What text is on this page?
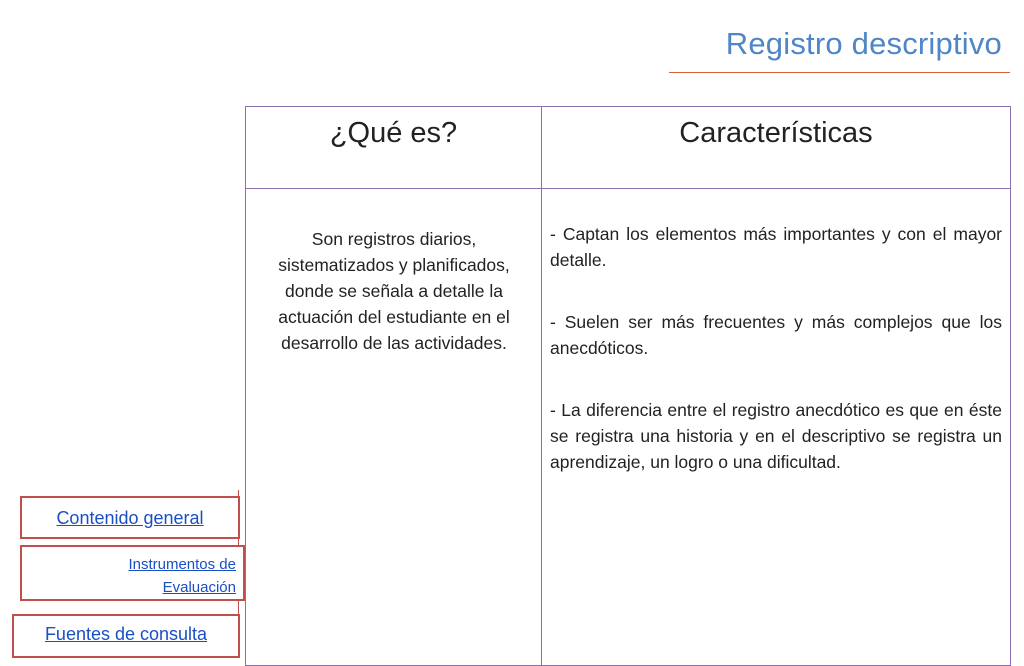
Registro descriptivo
¿Qué es?	Características
Son registros diarios, sistematizados y planificados, donde se señala a detalle la actuación del estudiante en el desarrollo de las actividades.

- Captan los elementos más importantes y con el mayor detalle.

- Suelen ser más frecuentes y más complejos que los anecdóticos.

- La diferencia entre el registro anecdótico es que en éste se registra una historia y en el descriptivo se registra un aprendizaje, un logro o una dificultad.

Contenido general
Instrumentos de
Evaluación
Fuentes de consulta
